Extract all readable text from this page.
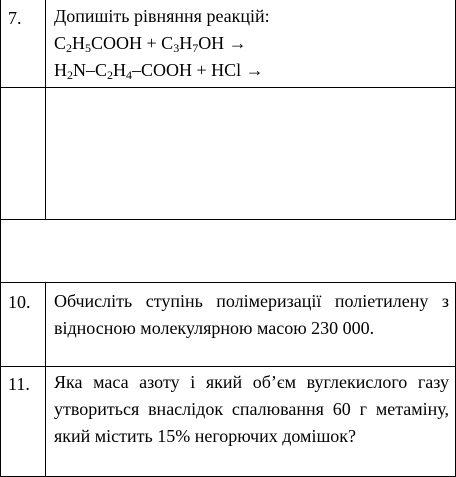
7. Допишіть рівняння реакцій:
$C_2H_5COOH + C_3H_7OH$ →
$H_2N-C_2H_4$–COOH + HCl →
10. Обчисліть ступінь полімеризації поліетилену з відносною молекулярною масою 230 000.
11. Яка маса азоту і який об’єм вуглекислого газу утвориться внаслідок спалювання 60 г метаміну, який містить 15% негорючих домішок?
